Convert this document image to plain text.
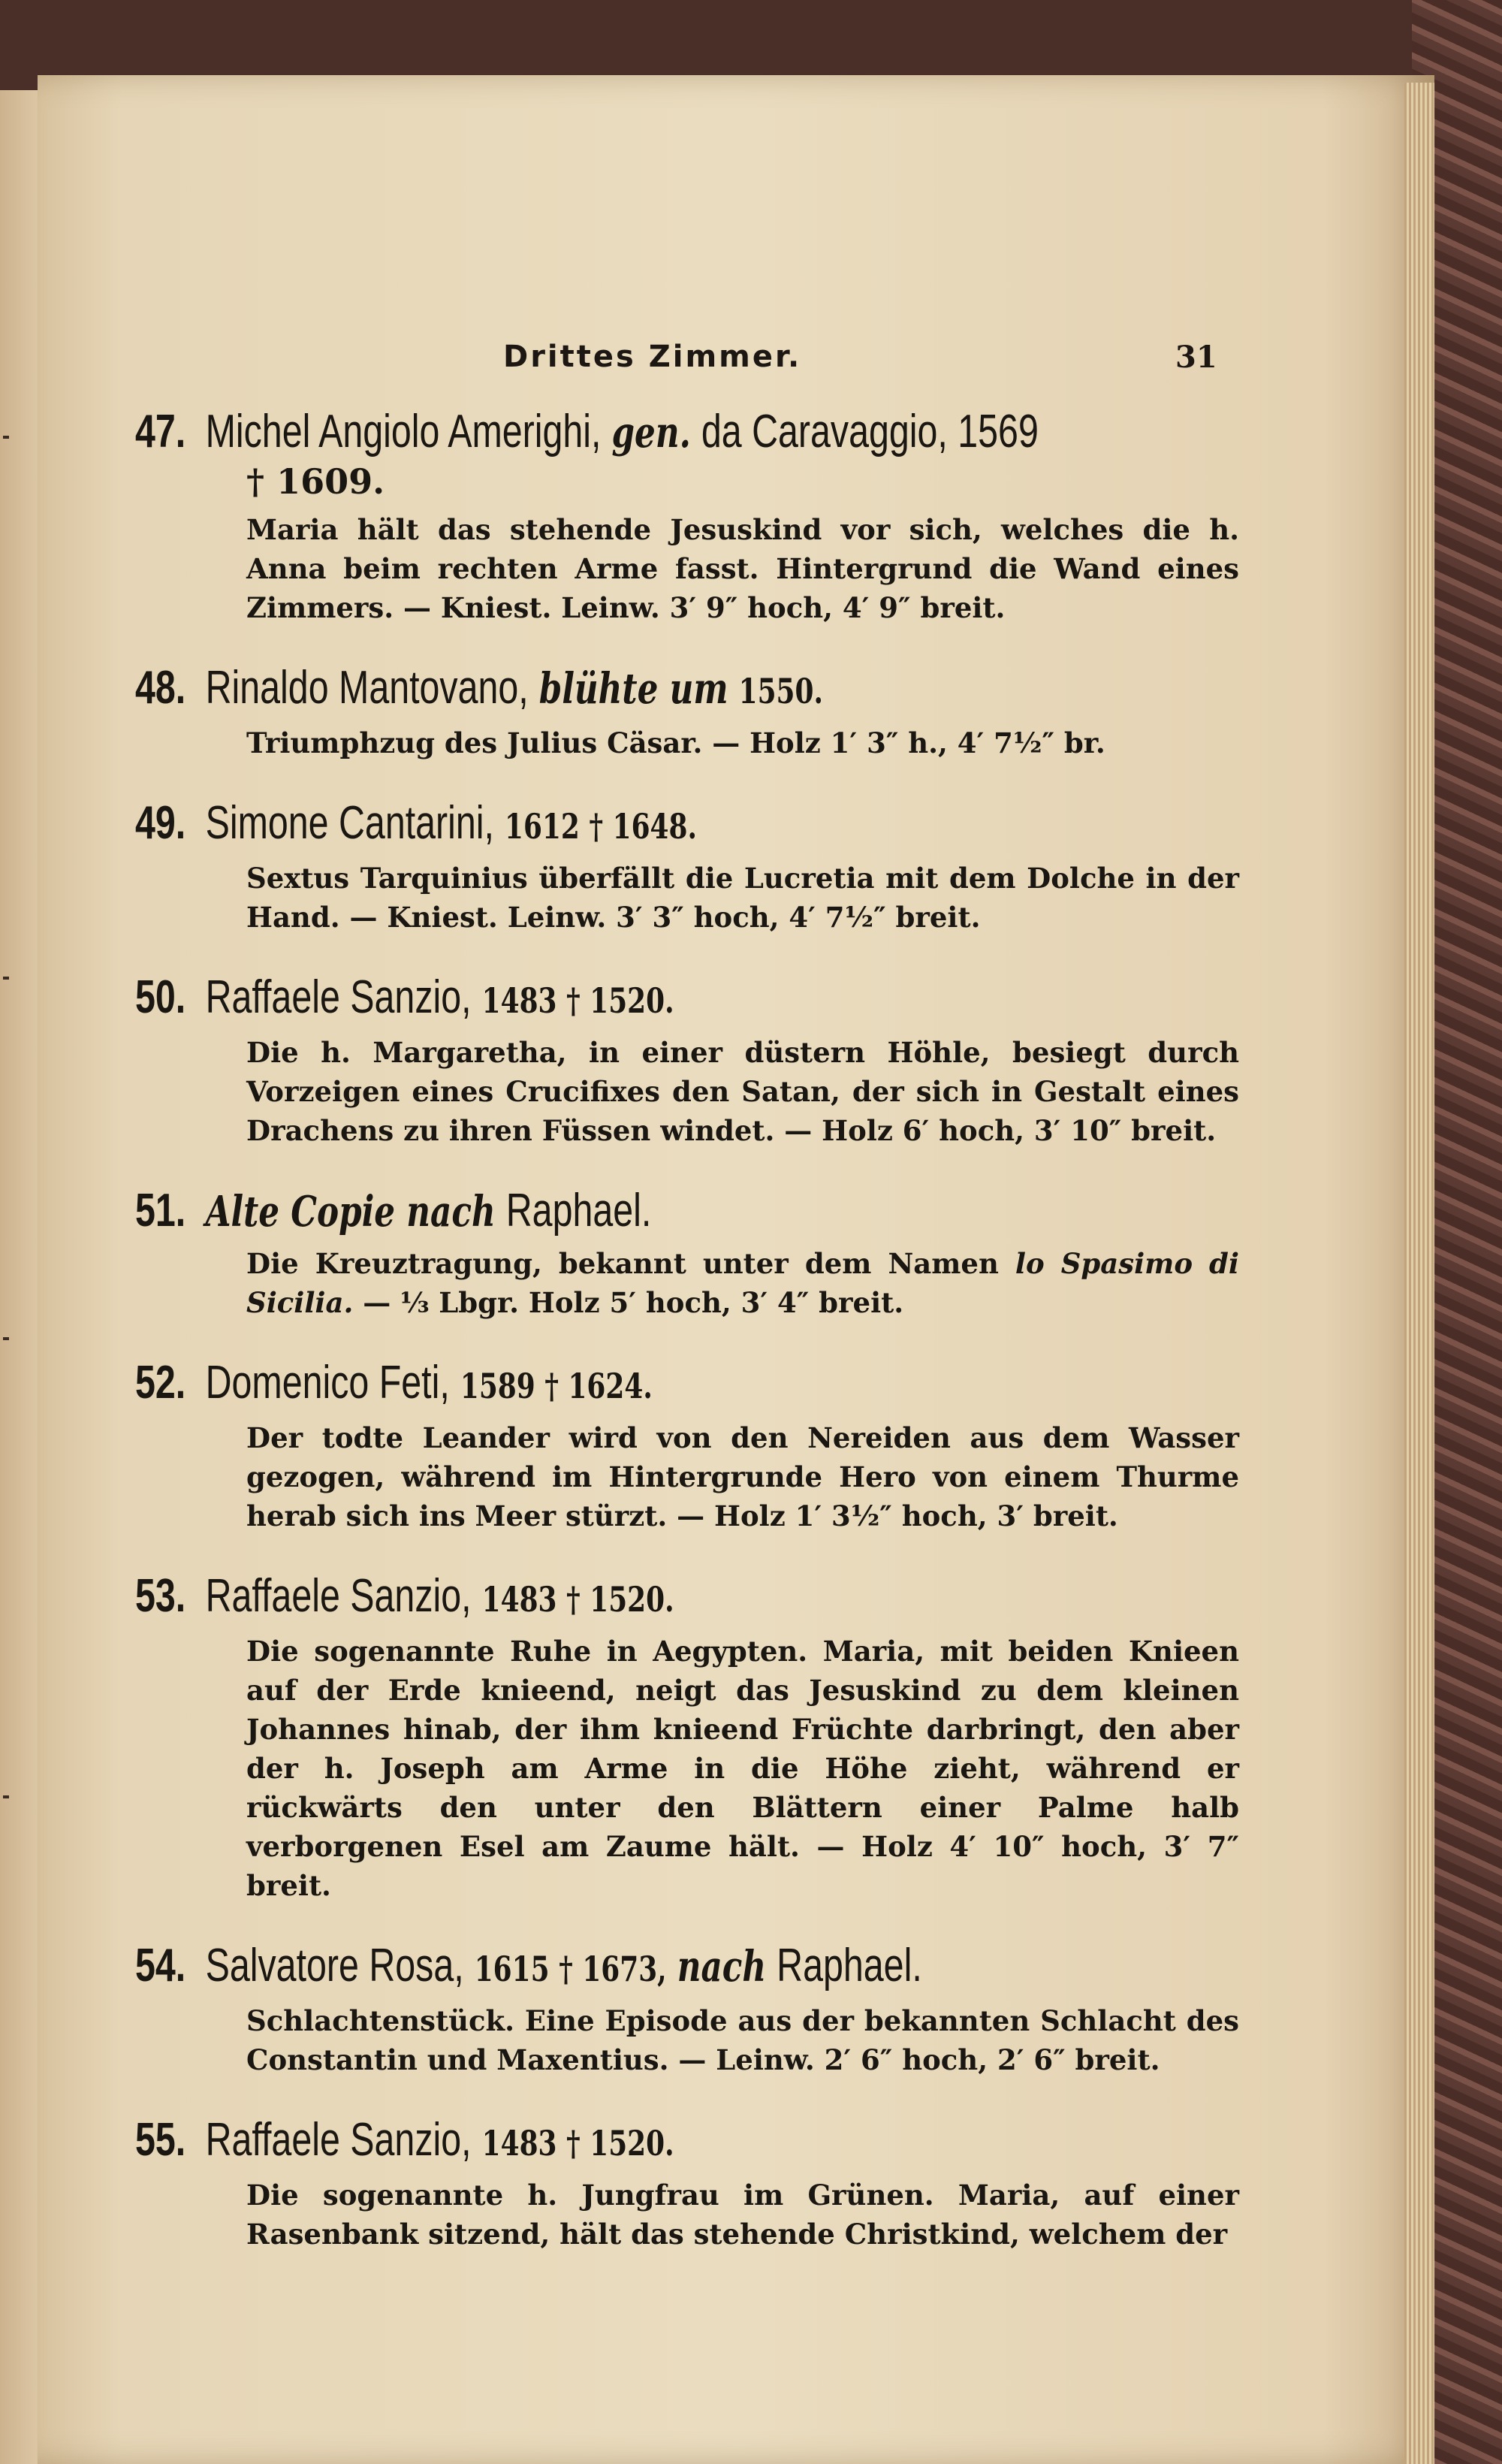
Drittes Zimmer.	31
47. Michel Angiolo Amerighi, gen. da Caravaggio, 1569
† 1609.
Maria hält das stehende Jesuskind vor sich, welches die h. Anna beim rechten Arme fasst. Hintergrund die Wand eines Zimmers. — Kniest. Leinw. 3′ 9″ hoch, 4′ 9″ breit.
48. Rinaldo Mantovano, blühte um 1550.
Triumphzug des Julius Cäsar. — Holz 1′ 3″ h., 4′ 7½″ br.
49. Simone Cantarini, 1612 † 1648.
Sextus Tarquinius überfällt die Lucretia mit dem Dolche in der Hand. — Kniest. Leinw. 3′ 3″ hoch, 4′ 7½″ breit.
50. Raffaele Sanzio, 1483 † 1520.
Die h. Margaretha, in einer düstern Höhle, besiegt durch Vorzeigen eines Crucifixes den Satan, der sich in Gestalt eines Drachens zu ihren Füssen windet. — Holz 6′ hoch, 3′ 10″ breit.
51. Alte Copie nach Raphael.
Die Kreuztragung, bekannt unter dem Namen lo Spasimo di Sicilia. — ⅓ Lbgr. Holz 5′ hoch, 3′ 4″ breit.
52. Domenico Feti, 1589 † 1624.
Der todte Leander wird von den Nereiden aus dem Wasser gezogen, während im Hintergrunde Hero von einem Thurme herab sich ins Meer stürzt. — Holz 1′ 3½″ hoch, 3′ breit.
53. Raffaele Sanzio, 1483 † 1520.
Die sogenannte Ruhe in Aegypten. Maria, mit beiden Knieen auf der Erde knieend, neigt das Jesuskind zu dem kleinen Johannes hinab, der ihm knieend Früchte darbringt, den aber der h. Joseph am Arme in die Höhe zieht, während er rückwärts den unter den Blättern einer Palme halb verborgenen Esel am Zaume hält. — Holz 4′ 10″ hoch, 3′ 7″ breit.
54. Salvatore Rosa, 1615 † 1673, nach Raphael.
Schlachtenstück. Eine Episode aus der bekannten Schlacht des Constantin und Maxentius. — Leinw. 2′ 6″ hoch, 2′ 6″ breit.
55. Raffaele Sanzio, 1483 † 1520.
Die sogenannte h. Jungfrau im Grünen. Maria, auf einer Rasenbank sitzend, hält das stehende Christkind, welchem der
